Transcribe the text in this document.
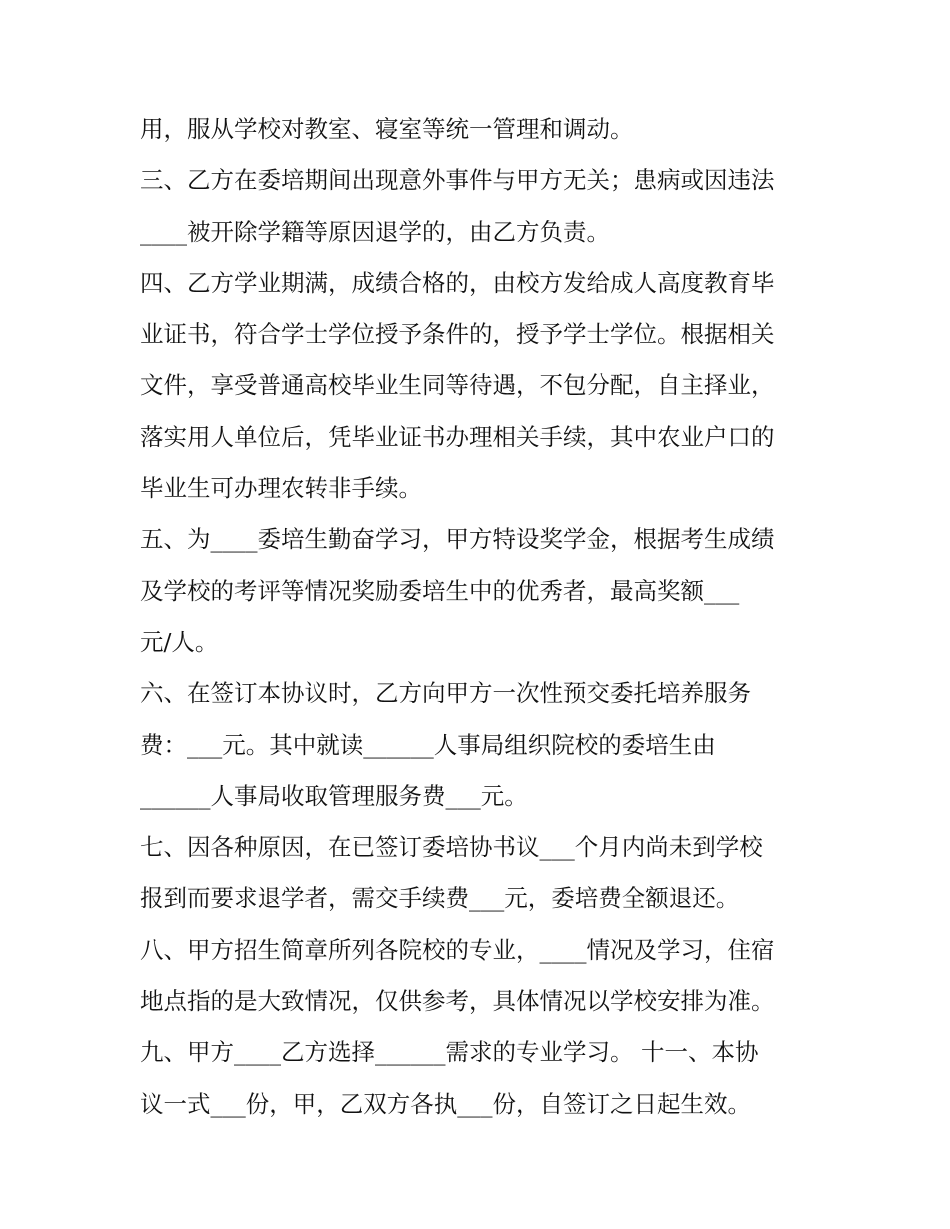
用，服从学校对教室、寝室等统一管理和调动。
三、乙方在委培期间出现意外事件与甲方无关；患病或因违法
____被开除学籍等原因退学的，由乙方负责。
四、乙方学业期满，成绩合格的，由校方发给成人高度教育毕
业证书，符合学士学位授予条件的，授予学士学位。根据相关
文件，享受普通高校毕业生同等待遇，不包分配，自主择业，
落实用人单位后，凭毕业证书办理相关手续，其中农业户口的
毕业生可办理农转非手续。
五、为____委培生勤奋学习，甲方特设奖学金，根据考生成绩
及学校的考评等情况奖励委培生中的优秀者，最高奖额___
元/人。
六、在签订本协议时，乙方向甲方一次性预交委托培养服务
费：___元。其中就读______人事局组织院校的委培生由
______人事局收取管理服务费___元。
七、因各种原因，在已签订委培协书议___个月内尚未到学校
报到而要求退学者，需交手续费___元，委培费全额退还。
八、甲方招生简章所列各院校的专业，____情况及学习，住宿
地点指的是大致情况，仅供参考，具体情况以学校安排为准。
九、甲方____乙方选择______需求的专业学习。 十一、本协
议一式___份，甲，乙双方各执___份，自签订之日起生效。
